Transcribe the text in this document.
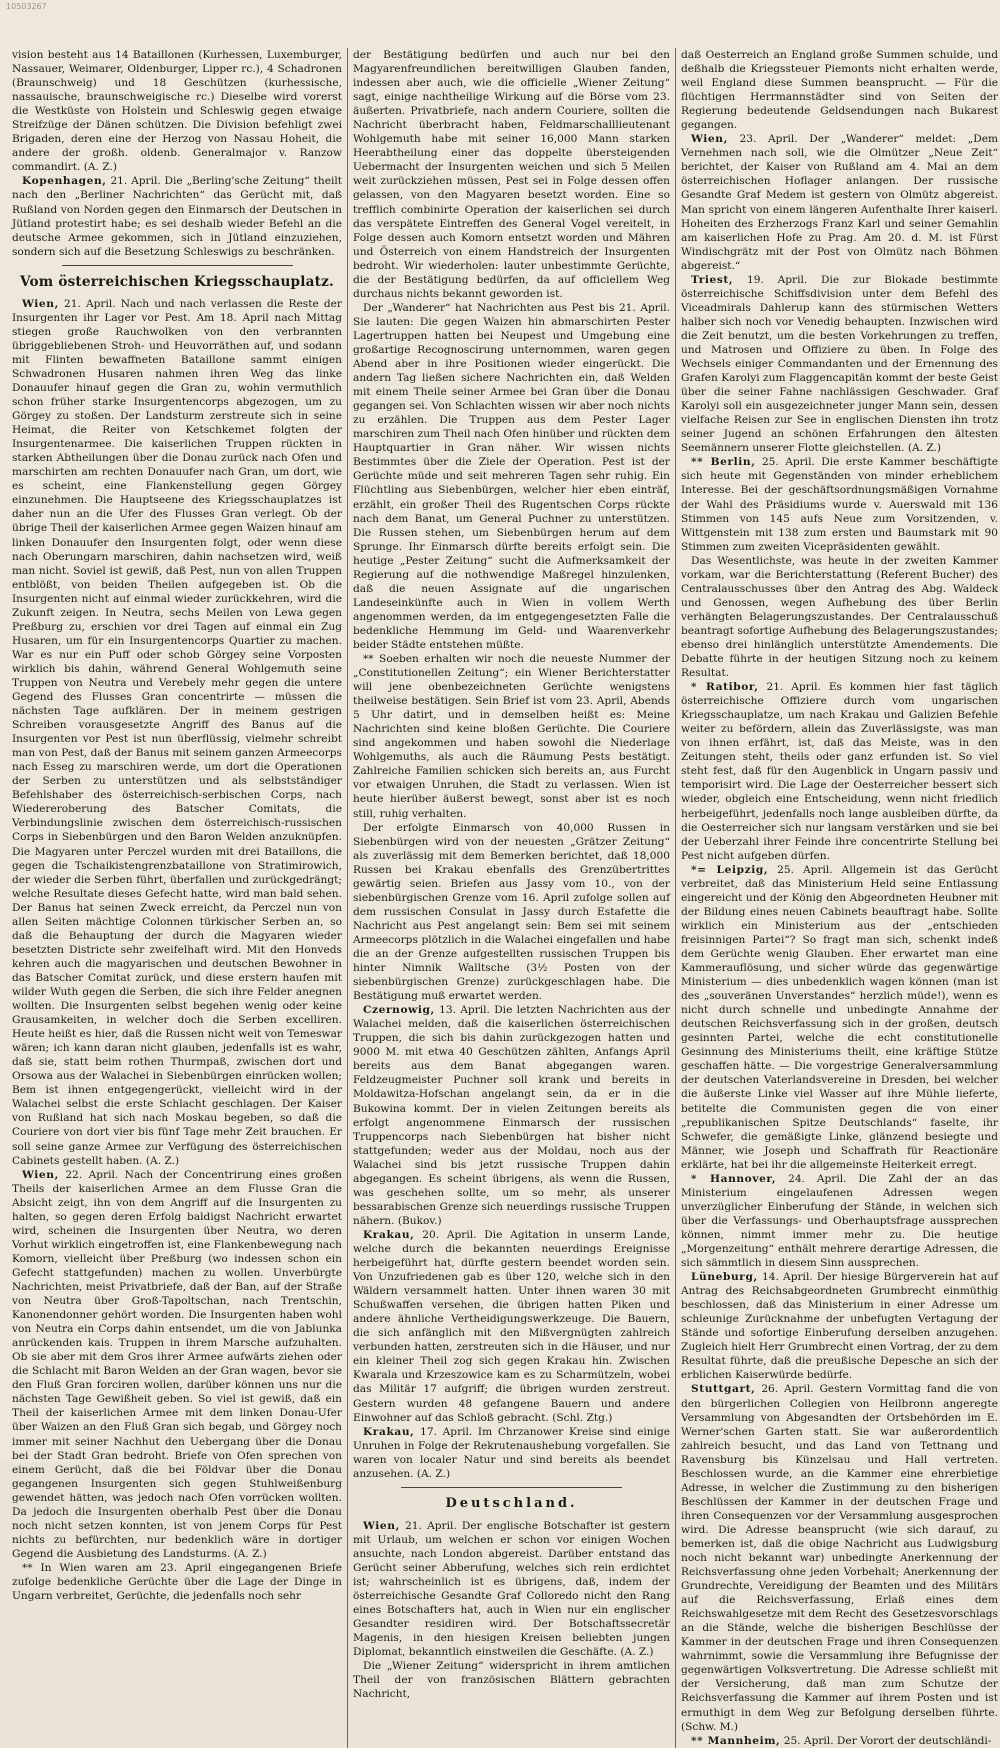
10503267

vision besteht aus 14 Bataillonen (Kurhessen, Luxemburger, Nassauer, Weimarer, Oldenburger, Lipper rc.), 4 Schadronen (Braunschweig) und 18 Geschützen (kurhessische, nassauische, braunschweigische rc.) Dieselbe wird vorerst die Westküste von Holstein und Schleswig gegen etwaige Streifzüge der Dänen schützen. Die Division befehligt zwei Brigaden, deren eine der Herzog von Nassau Hoheit, die andere der großh. oldenb. Generalmajor v. Ranzow commandirt. (A. Z.)

Kopenhagen, 21. April. Die „Berling'sche Zeitung“ theilt nach den „Berliner Nachrichten“ das Gerücht mit, daß Rußland von Norden gegen den Einmarsch der Deutschen in Jütland protestirt habe; es sei deshalb wieder Befehl an die deutsche Armee gekommen, sich in Jütland einzuziehen, sondern sich auf die Besetzung Schleswigs zu beschränken.

Vom österreichischen Kriegsschauplatz.

Wien, 21. April. Nach und nach verlassen die Reste der Insurgenten ihr Lager vor Pest. Am 18. April nach Mittag stiegen große Rauchwolken von den verbrannten übriggebliebenen Stroh- und Heuvorräthen auf, und sodann mit Flinten bewaffneten Bataillone sammt einigen Schwadronen Husaren nahmen ihren Weg das linke Donauufer hinauf gegen die Gran zu, wohin vermuthlich schon früher starke Insurgentencorps abgezogen, um zu Görgey zu stoßen. Der Landsturm zerstreute sich in seine Heimat, die Reiter von Ketschkemet folgten der Insurgentenarmee. Die kaiserlichen Truppen rückten in starken Abtheilungen über die Donau zurück nach Ofen und marschirten am rechten Donauufer nach Gran, um dort, wie es scheint, eine Flankenstellung gegen Görgey einzunehmen. Die Hauptseene des Kriegsschauplatzes ist daher nun an die Ufer des Flusses Gran verlegt. Ob der übrige Theil der kaiserlichen Armee gegen Waizen hinauf am linken Donauufer den Insurgenten folgt, oder wenn diese nach Oberungarn marschiren, dahin nachsetzen wird, weiß man nicht. Soviel ist gewiß, daß Pest, nun von allen Truppen entblößt, von beiden Theilen aufgegeben ist. Ob die Insurgenten nicht auf einmal wieder zurückkehren, wird die Zukunft zeigen. In Neutra, sechs Meilen von Lewa gegen Preßburg zu, erschien vor drei Tagen auf einmal ein Zug Husaren, um für ein Insurgentencorps Quartier zu machen. War es nur ein Puff oder schob Görgey seine Vorposten wirklich bis dahin, während General Wohlgemuth seine Truppen von Neutra und Verebely mehr gegen die untere Gegend des Flusses Gran concentrirte — müssen die nächsten Tage aufklären. Der in meinem gestrigen Schreiben vorausgesetzte Angriff des Banus auf die Insurgenten vor Pest ist nun überflüssig, vielmehr schreibt man von Pest, daß der Banus mit seinem ganzen Armeecorps nach Esseg zu marschiren werde, um dort die Operationen der Serben zu unterstützen und als selbstständiger Befehlshaber des österreichisch-serbischen Corps, nach Wiedereroberung des Batscher Comitats, die Verbindungslinie zwischen dem österreichisch-russischen Corps in Siebenbürgen und den Baron Welden anzuknüpfen. Die Magyaren unter Perczel wurden mit drei Bataillons, die gegen die Tschaikistengrenzbataillone von Stratimirowich, der wieder die Serben führt, überfallen und zurückgedrängt; welche Resultate dieses Gefecht hatte, wird man bald sehen. Der Banus hat seinen Zweck erreicht, da Perczel nun von allen Seiten mächtige Colonnen türkischer Serben an, so daß die Behauptung der durch die Magyaren wieder besetzten Districte sehr zweifelhaft wird. Mit den Honveds kehren auch die magyarischen und deutschen Bewohner in das Batscher Comitat zurück, und diese erstern haufen mit wilder Wuth gegen die Serben, die sich ihre Felder anegnen wollten. Die Insurgenten selbst begehen wenig oder keine Grausamkeiten, in welcher doch die Serben excelliren. Heute heißt es hier, daß die Russen nicht weit von Temeswar wären; ich kann daran nicht glauben, jedenfalls ist es wahr, daß sie, statt beim rothen Thurmpaß, zwischen dort und Orsowa aus der Walachei in Siebenbürgen einrücken wollen; Bem ist ihnen entgegengerückt, vielleicht wird in der Walachei selbst die erste Schlacht geschlagen. Der Kaiser von Rußland hat sich nach Moskau begeben, so daß die Couriere von dort vier bis fünf Tage mehr Zeit brauchen. Er soll seine ganze Armee zur Verfügung des österreichischen Cabinets gestellt haben. (A. Z.)

Wien, 22. April. Nach der Concentrirung eines großen Theils der kaiserlichen Armee an dem Flusse Gran die Absicht zeigt, ihn von dem Angriff auf die Insurgenten zu halten, so gegen deren Erfolg baldigst Nachricht erwartet wird, scheinen die Insurgenten über Neutra, wo deren Vorhut wirklich eingetroffen ist, eine Flankenbewegung nach Komorn, vielleicht über Preßburg (wo indessen schon ein Gefecht stattgefunden) machen zu wollen. Unverbürgte Nachrichten, meist Privatbriefe, daß der Ban, auf der Straße von Neutra über Groß-Tapoltschan, nach Trentschin, Kanonendonner gehört worden. Die Insurgenten haben wohl von Neutra ein Corps dahin entsendet, um die von Jablunka anrückenden kais. Truppen in ihrem Marsche aufzuhalten. Ob sie aber mit dem Gros ihrer Armee aufwärts ziehen oder die Schlacht mit Baron Welden an der Gran wagen, bevor sie den Fluß Gran forciren wollen, darüber können uns nur die nächsten Tage Gewißheit geben. So viel ist gewiß, daß ein Theil der kaiserlichen Armee mit dem linken Donau-Ufer über Waizen an den Fluß Gran sich begab, und Görgey noch immer mit seiner Nachhut den Uebergang über die Donau bei der Stadt Gran bedroht. Briefe von Ofen sprechen von einem Gerücht, daß die bei Földvar über die Donau gegangenen Insurgenten sich gegen Stuhlweißenburg gewendet hätten, was jedoch nach Ofen vorrücken wollten. Da jedoch die Insurgenten oberhalb Pest über die Donau noch nicht setzen konnten, ist von jenem Corps für Pest nichts zu befürchten, nur bedenklich wäre in dortiger Gegend die Ausbietung des Landsturms. (A. Z.)

** In Wien waren am 23. April eingegangenen Briefe zufolge bedenkliche Gerüchte über die Lage der Dinge in Ungarn verbreitet, Gerüchte, die jedenfalls noch sehr

der Bestätigung bedürfen und auch nur bei den Magyarenfreundlichen bereitwilligen Glauben fanden, indessen aber auch, wie die officielle „Wiener Zeitung“ sagt, einige nachtheilige Wirkung auf die Börse vom 23. äußerten. Privatbriefe, nach andern Couriere, sollten die Nachricht überbracht haben, Feldmarschalllieutenant Wohlgemuth habe mit seiner 16,000 Mann starken Heerabtheilung einer das doppelte übersteigenden Uebermacht der Insurgenten weichen und sich 5 Meilen weit zurückziehen müssen, Pest sei in Folge dessen offen gelassen, von den Magyaren besetzt worden. Eine so trefflich combinirte Operation der kaiserlichen sei durch das verspätete Eintreffen des General Vogel vereitelt, in Folge dessen auch Komorn entsetzt worden und Mähren und Österreich von einem Handstreich der Insurgenten bedroht. Wir wiederholen: lauter unbestimmte Gerüchte, die der Bestätigung bedürfen, da auf officiellem Weg durchaus nichts bekannt geworden ist.

Der „Wanderer“ hat Nachrichten aus Pest bis 21. April. Sie lauten: Die gegen Waizen hin abmarschirten Pester Lagertruppen hatten bei Neupest und Umgebung eine großartige Recognoscirung unternommen, waren gegen Abend aber in ihre Positionen wieder eingerückt. Die andern Tag ließen sichere Nachrichten ein, daß Welden mit einem Theile seiner Armee bei Gran über die Donau gegangen sei. Von Schlachten wissen wir aber noch nichts zu erzählen. Die Truppen aus dem Pester Lager marschiren zum Theil nach Ofen hinüber und rückten dem Hauptquartier in Gran näher. Wir wissen nichts Bestimmtes über die Ziele der Operation. Pest ist der Gerüchte müde und seit mehreren Tagen sehr ruhig. Ein Flüchtling aus Siebenbürgen, welcher hier eben einträf, erzählt, ein großer Theil des Rugentschen Corps rückte nach dem Banat, um General Puchner zu unterstützen. Die Russen stehen, um Siebenbürgen herum auf dem Sprunge. Ihr Einmarsch dürfte bereits erfolgt sein. Die heutige „Pester Zeitung“ sucht die Aufmerksamkeit der Regierung auf die nothwendige Maßregel hinzulenken, daß die neuen Assignate auf die ungarischen Landeseinkünfte auch in Wien in vollem Werth angenommen werden, da im entgegengesetzten Falle die bedenkliche Hemmung im Geld- und Waarenverkehr beider Städte entstehen müßte.

** Soeben erhalten wir noch die neueste Nummer der „Constitutionellen Zeitung“; ein Wiener Berichterstatter will jene obenbezeichneten Gerüchte wenigstens theilweise bestätigen. Sein Brief ist vom 23. April, Abends 5 Uhr datirt, und in demselben heißt es: Meine Nachrichten sind keine bloßen Gerüchte. Die Couriere sind angekommen und haben sowohl die Niederlage Wohlgemuths, als auch die Räumung Pests bestätigt. Zahlreiche Familien schicken sich bereits an, aus Furcht vor etwaigen Unruhen, die Stadt zu verlassen. Wien ist heute hierüber äußerst bewegt, sonst aber ist es noch still, ruhig verhalten.

Der erfolgte Einmarsch von 40,000 Russen in Siebenbürgen wird von der neuesten „Grätzer Zeitung“ als zuverlässig mit dem Bemerken berichtet, daß 18,000 Russen bei Krakau ebenfalls des Grenzübertrittes gewärtig seien. Briefen aus Jassy vom 10., von der siebenbürgischen Grenze vom 16. April zufolge sollen auf dem russischen Consulat in Jassy durch Estafette die Nachricht aus Pest angelangt sein: Bem sei mit seinem Armeecorps plötzlich in die Walachei eingefallen und habe die an der Grenze aufgestellten russischen Truppen bis hinter Nimnik Walltsche (3½ Posten von der siebenbürgischen Grenze) zurückgeschlagen habe. Die Bestätigung muß erwartet werden.

Czernowig, 13. April. Die letzten Nachrichten aus der Walachei melden, daß die kaiserlichen österreichischen Truppen, die sich bis dahin zurückgezogen hatten und 9000 M. mit etwa 40 Geschützen zählten, Anfangs April bereits aus dem Banat abgegangen waren. Feldzeugmeister Puchner soll krank und bereits in Moldawitza-Hofschan angelangt sein, da er in die Bukowina kommt. Der in vielen Zeitungen bereits als erfolgt angenommene Einmarsch der russischen Truppencorps nach Siebenbürgen hat bisher nicht stattgefunden; weder aus der Moldau, noch aus der Walachei sind bis jetzt russische Truppen dahin abgegangen. Es scheint übrigens, als wenn die Russen, was geschehen sollte, um so mehr, als unserer bessarabischen Grenze sich neuerdings russische Truppen nähern. (Bukov.)

Krakau, 20. April. Die Agitation in unserm Lande, welche durch die bekannten neuerdings Ereignisse herbeigeführt hat, dürfte gestern beendet worden sein. Von Unzufriedenen gab es über 120, welche sich in den Wäldern versammelt hatten. Unter ihnen waren 30 mit Schußwaffen versehen, die übrigen hatten Piken und andere ähnliche Vertheidigungswerkzeuge. Die Bauern, die sich anfänglich mit den Mißvergnügten zahlreich verbunden hatten, zerstreuten sich in die Häuser, und nur ein kleiner Theil zog sich gegen Krakau hin. Zwischen Kwarala und Krzeszowice kam es zu Scharmützeln, wobei das Militär 17 aufgriff; die übrigen wurden zerstreut. Gestern wurden 48 gefangene Bauern und andere Einwohner auf das Schloß gebracht. (Schl. Ztg.)

Krakau, 17. April. Im Chrzanower Kreise sind einige Unruhen in Folge der Rekrutenaushebung vorgefallen. Sie waren von localer Natur und sind bereits als beendet anzusehen. (A. Z.)

Deutschland.

Wien, 21. April. Der englische Botschafter ist gestern mit Urlaub, um welchen er schon vor einigen Wochen ansuchte, nach London abgereist. Darüber entstand das Gerücht seiner Abberufung, welches sich rein erdichtet ist; wahrscheinlich ist es übrigens, daß, indem der österreichische Gesandte Graf Colloredo nicht den Rang eines Botschafters hat, auch in Wien nur ein englischer Gesandter residiren wird. Der Botschaftssecretär Magenis, in den hiesigen Kreisen beliebten jungen Diplomat, bekanntlich einstweilen die Geschäfte. (A. Z.)

Die „Wiener Zeitung“ widerspricht in ihrem amtlichen Theil der von französischen Blättern gebrachten Nachricht,

daß Oesterreich an England große Summen schulde, und deßhalb die Kriegssteuer Piemonts nicht erhalten werde, weil England diese Summen beansprucht. — Für die flüchtigen Herrmannstädter sind von Seiten der Regierung bedeutende Geldsendungen nach Bukarest gegangen.

Wien, 23. April. Der „Wanderer“ meldet: „Dem Vernehmen nach soll, wie die Olmützer „Neue Zeit“ berichtet, der Kaiser von Rußland am 4. Mai an dem österreichischen Hoflager anlangen. Der russische Gesandte Graf Medem ist gestern von Olmütz abgereist. Man spricht von einem längeren Aufenthalte Ihrer kaiserl. Hoheiten des Erzherzogs Franz Karl und seiner Gemahlin am kaiserlichen Hofe zu Prag. Am 20. d. M. ist Fürst Windischgrätz mit der Post von Olmütz nach Böhmen abgereist.“

Triest, 19. April. Die zur Blokade bestimmte österreichische Schiffsdivision unter dem Befehl des Viceadmirals Dahlerup kann des stürmischen Wetters halber sich noch vor Venedig behaupten. Inzwischen wird die Zeit benutzt, um die besten Vorkehrungen zu treffen, und Matrosen und Offiziere zu üben. In Folge des Wechsels einiger Commandanten und der Ernennung des Grafen Karolyi zum Flaggencapitän kommt der beste Geist über die seiner Fahne nachlässigen Geschwader. Graf Karolyi soll ein ausgezeichneter junger Mann sein, dessen vielfache Reisen zur See in englischen Diensten ihn trotz seiner Jugend an schönen Erfahrungen den ältesten Seemännern unserer Flotte gleichstellen. (A. Z.)

** Berlin, 25. April. Die erste Kammer beschäftigte sich heute mit Gegenständen von minder erheblichem Interesse. Bei der geschäftsordnungsmäßigen Vornahme der Wahl des Präsidiums wurde v. Auerswald mit 136 Stimmen von 145 aufs Neue zum Vorsitzenden, v. Wittgenstein mit 138 zum ersten und Baumstark mit 90 Stimmen zum zweiten Vicepräsidenten gewählt.

Das Wesentlichste, was heute in der zweiten Kammer vorkam, war die Berichterstattung (Referent Bucher) des Centralausschusses über den Antrag des Abg. Waldeck und Genossen, wegen Aufhebung des über Berlin verhängten Belagerungszustandes. Der Centralausschuß beantragt sofortige Aufhebung des Belagerungszustandes; ebenso drei hinlänglich unterstützte Amendements. Die Debatte führte in der heutigen Sitzung noch zu keinem Resultat.

* Ratibor, 21. April. Es kommen hier fast täglich österreichische Offiziere durch vom ungarischen Kriegsschauplatze, um nach Krakau und Galizien Befehle weiter zu befördern, allein das Zuverlässigste, was man von ihnen erfährt, ist, daß das Meiste, was in den Zeitungen steht, theils oder ganz erfunden ist. So viel steht fest, daß für den Augenblick in Ungarn passiv und temporisirt wird. Die Lage der Oesterreicher bessert sich wieder, obgleich eine Entscheidung, wenn nicht friedlich herbeigeführt, jedenfalls noch lange ausbleiben dürfte, da die Oesterreicher sich nur langsam verstärken und sie bei der Ueberzahl ihrer Feinde ihre concentrirte Stellung bei Pest nicht aufgeben dürfen.

*= Leipzig, 25. April. Allgemein ist das Gerücht verbreitet, daß das Ministerium Held seine Entlassung eingereicht und der König den Abgeordneten Heubner mit der Bildung eines neuen Cabinets beauftragt habe. Sollte wirklich ein Ministerium aus der „entschieden freisinnigen Partei“? So fragt man sich, schenkt indeß dem Gerüchte wenig Glauben. Eher erwartet man eine Kammerauflösung, und sicher würde das gegenwärtige Ministerium — dies unbedenklich wagen können (man ist des „souveränen Unverstandes“ herzlich müde!), wenn es nicht durch schnelle und unbedingte Annahme der deutschen Reichsverfassung sich in der großen, deutsch gesinnten Partei, welche die echt constitutionelle Gesinnung des Ministeriums theilt, eine kräftige Stütze geschaffen hätte. — Die vorgestrige Generalversammlung der deutschen Vaterlandsvereine in Dresden, bei welcher die äußerste Linke viel Wasser auf ihre Mühle lieferte, betitelte die Communisten gegen die von einer „republikanischen Spitze Deutschlands“ faselte, ihr Schwefer, die gemäßigte Linke, glänzend besiegte und Männer, wie Joseph und Schaffrath für Reactionäre erklärte, hat bei ihr die allgemeinste Heiterkeit erregt.

* Hannover, 24. April. Die Zahl der an das Ministerium eingelaufenen Adressen wegen unverzüglicher Einberufung der Stände, in welchen sich über die Verfassungs- und Oberhauptsfrage aussprechen können, nimmt immer mehr zu. Die heutige „Morgenzeitung“ enthält mehrere derartige Adressen, die sich sämmtlich in diesem Sinn aussprechen.

Lüneburg, 14. April. Der hiesige Bürgerverein hat auf Antrag des Reichsabgeordneten Grumbrecht einmüthig beschlossen, daß das Ministerium in einer Adresse um schleunige Zurücknahme der unbefugten Vertagung der Stände und sofortige Einberufung derselben anzugehen. Zugleich hielt Herr Grumbrecht einen Vortrag, der zu dem Resultat führte, daß die preußische Depesche an sich der erblichen Kaiserwürde bedürfe.

Stuttgart, 26. April. Gestern Vormittag fand die von den bürgerlichen Collegien von Heilbronn angeregte Versammlung von Abgesandten der Ortsbehörden im E. Werner'schen Garten statt. Sie war außerordentlich zahlreich besucht, und das Land von Tettnang und Ravensburg bis Künzelsau und Hall vertreten. Beschlossen wurde, an die Kammer eine ehrerbietige Adresse, in welcher die Zustimmung zu den bisherigen Beschlüssen der Kammer in der deutschen Frage und ihren Consequenzen vor der Versammlung ausgesprochen wird. Die Adresse beansprucht (wie sich darauf, zu bemerken ist, daß die obige Nachricht aus Ludwigsburg noch nicht bekannt war) unbedingte Anerkennung der Reichsverfassung ohne jeden Vorbehalt; Anerkennung der Grundrechte, Vereidigung der Beamten und des Militärs auf die Reichsverfassung, Erlaß eines dem Reichswahlgesetze mit dem Recht des Gesetzesvorschlags an die Stände, welche die bisherigen Beschlüsse der Kammer in der deutschen Frage und ihren Consequenzen wahrnimmt, sowie die Versammlung ihre Befugnisse der gegenwärtigen Volksvertretung. Die Adresse schließt mit der Versicherung, daß man zum Schutze der Reichsverfassung die Kammer auf ihrem Posten und ist ermuthigt in dem Weg zur Befolgung derselben führte. (Schw. M.)

** Mannheim, 25. April. Der Vorort der deutschländi-
